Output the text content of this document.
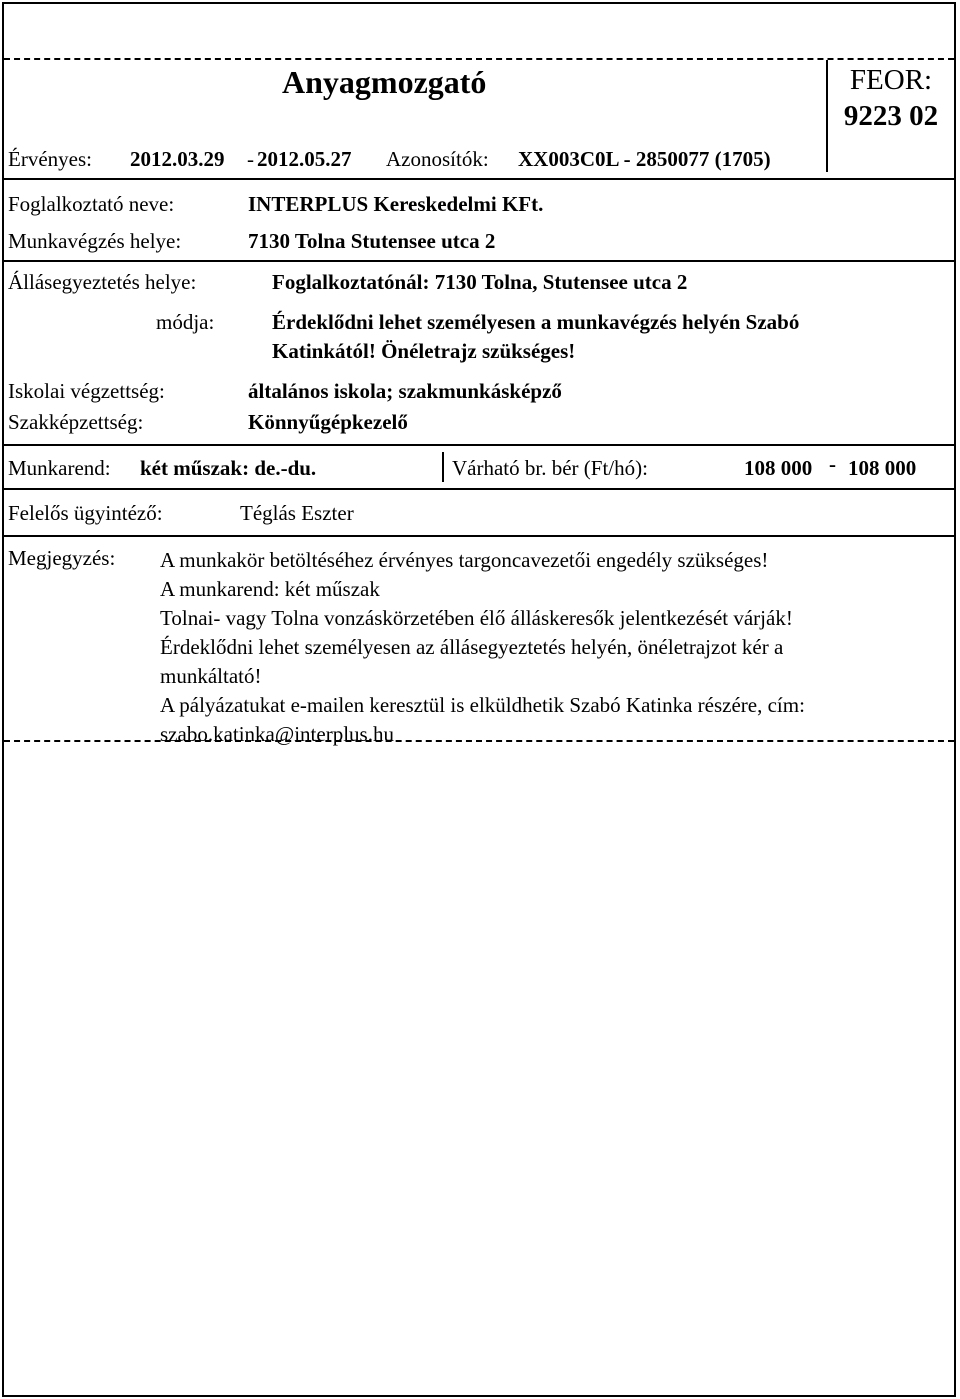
Anyagmozgató	FEOR:
9223 02
Érvényes: 2012.03.29 - 2012.05.27 Azonosítók: XX003C0L - 2850077 (1705)
Foglalkoztató neve:	INTERPLUS Kereskedelmi KFt.
Munkavégzés helye:	7130 Tolna Stutensee utca 2
Állásegyeztetés helye:	Foglalkoztatónál: 7130 Tolna, Stutensee utca 2
módja:	Érdeklődni lehet személyesen a munkavégzés helyén Szabó
Katinkától! Önéletrajz szükséges!
Iskolai végzettség:	általános iskola; szakmunkásképző
Szakképzettség:	Könnyűgépkezelő
Munkarend: két műszak: de.-du.	Várható br. bér (Ft/hó):	108 000 - 108 000
Felelős ügyintéző:	Téglás Eszter
Megjegyzés: A munkakör betöltéséhez érvényes targoncavezetői engedély szükséges!
A munkarend: két műszak
Tolnai- vagy Tolna vonzáskörzetében élő álláskeresők jelentkezését várják!
Érdeklődni lehet személyesen az állásegyeztetés helyén, önéletrajzot kér a
munkáltató!
A pályázatukat e-mailen keresztül is elküldhetik Szabó Katinka részére, cím:
szabo.katinka@interplus.hu
